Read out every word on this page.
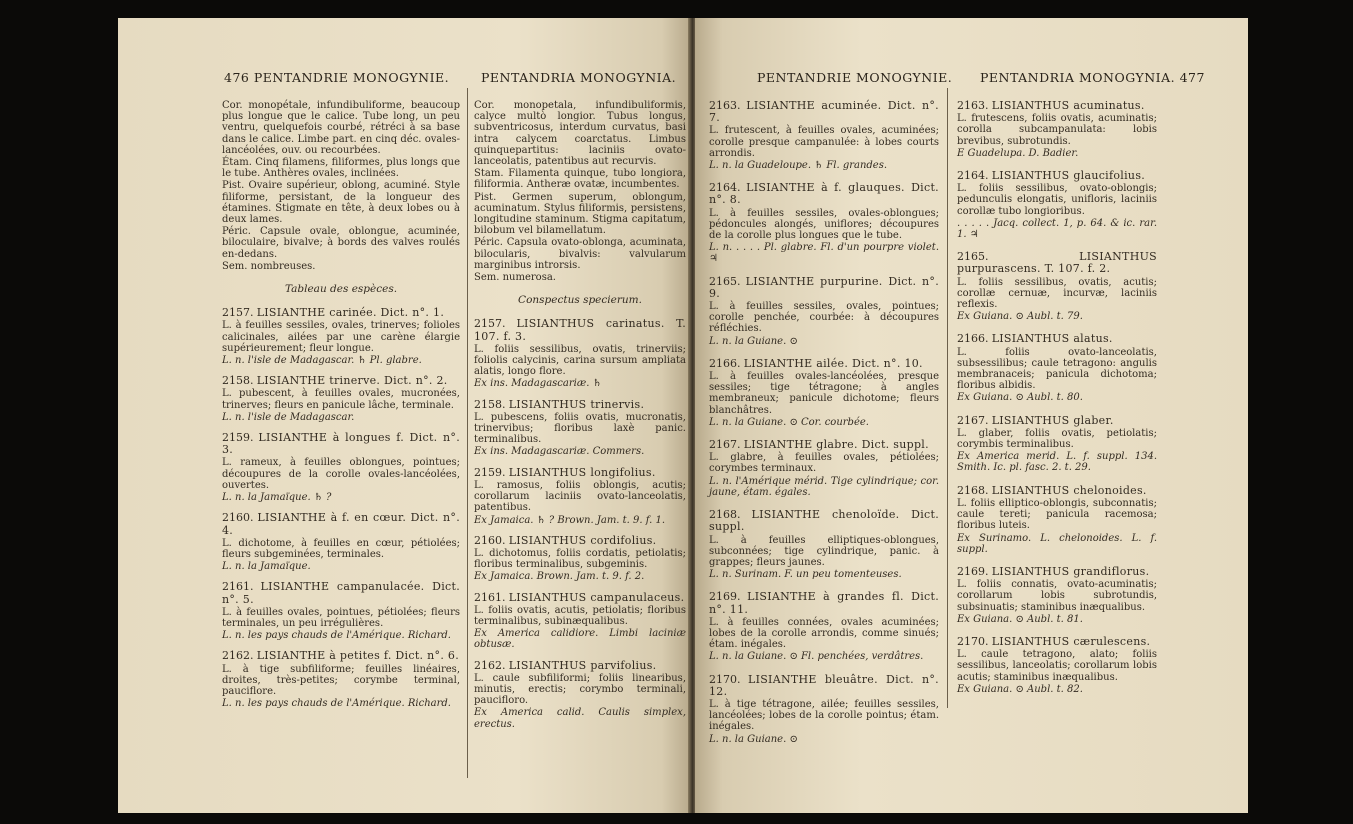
476 PENTANDRIE MONOGYNIE.	PENTANDRIA MONOGYNIA.

Cor. monopétale, infundibuliforme, beaucoup plus longue que le calice. Tube long, un peu ventru, quelquefois courbé, rétréci à sa base dans le calice. Limbe part. en cinq déc. ovales-lancéolées, ouv. ou recourbées.

Étam. Cinq filamens, filiformes, plus longs que le tube. Anthères ovales, inclinées.

Pist. Ovaire supérieur, oblong, acuminé. Style filiforme, persistant, de la longueur des étamines. Stigmate en tête, à deux lobes ou à deux lames.

Péric. Capsule ovale, oblongue, acuminée, biloculaire, bivalve; à bords des valves roulés en-dedans.

Sem. nombreuses.

Tableau des espèces.

2157. LISIANTHE carinée. Dict. n°. 1.

L. à feuilles sessiles, ovales, trinerves; folioles calicinales, ailées par une carène élargie supérieurement; fleur longue.

L. n. l'isle de Madagascar. ♄ Pl. glabre.

2158. LISIANTHE trinerve. Dict. n°. 2.

L. pubescent, à feuilles ovales, mucronées, trinerves; fleurs en panicule lâche, terminale.

L. n. l'isle de Madagascar.

2159. LISIANTHE à longues f. Dict. n°. 3.

L. rameux, à feuilles oblongues, pointues; découpures de la corolle ovales-lancéolées, ouvertes.

L. n. la Jamaïque. ♄ ?

2160. LISIANTHE à f. en cœur. Dict. n°. 4.

L. dichotome, à feuilles en cœur, pétiolées; fleurs subgeminées, terminales.

L. n. la Jamaïque.

2161. LISIANTHE campanulacée. Dict. n°. 5.

L. à feuilles ovales, pointues, pétiolées; fleurs terminales, un peu irrégulières.

L. n. les pays chauds de l'Amérique. Richard.

2162. LISIANTHE à petites f. Dict. n°. 6.

L. à tige subfiliforme; feuilles linéaires, droites, très-petites; corymbe terminal, pauciflore.

L. n. les pays chauds de l'Amérique. Richard.

Cor. monopetala, infundibuliformis, calyce multò longior. Tubus longus, subventricosus, interdum curvatus, basi intra calycem coarctatus. Limbus quinquepartitus: laciniis ovato-lanceolatis, patentibus aut recurvis.

Stam. Filamenta quinque, tubo longiora, filiformia. Antheræ ovatæ, incumbentes.

Pist. Germen superum, oblongum, acuminatum. Stylus filiformis, persistens, longitudine staminum. Stigma capitatum, bilobum vel bilamellatum.

Péric. Capsula ovato-oblonga, acuminata, bilocularis, bivalvis: valvularum marginibus introrsis.

Sem. numerosa.

Conspectus specierum.

2157. LISIANTHUS carinatus. T. 107. f. 3.

L. foliis sessilibus, ovatis, trinerviis; foliolis calycinis, carina sursum ampliata alatis, longo flore.

Ex ins. Madagascariæ. ♄

2158. LISIANTHUS trinervis.

L. pubescens, foliis ovatis, mucronatis, trinervibus; floribus laxè panic. terminalibus.

Ex ins. Madagascariæ. Commers.

2159. LISIANTHUS longifolius.

L. ramosus, foliis oblongis, acutis; corollarum laciniis ovato-lanceolatis, patentibus.

Ex Jamaica. ♄ ? Brown. Jam. t. 9. f. 1.

2160. LISIANTHUS cordifolius.

L. dichotomus, foliis cordatis, petiolatis; floribus terminalibus, subgeminis.

Ex Jamaica. Brown. Jam. t. 9. f. 2.

2161. LISIANTHUS campanulaceus.

L. foliis ovatis, acutis, petiolatis; floribus terminalibus, subinæqualibus.

Ex America calidiore. Limbi laciniæ obtusæ.

2162. LISIANTHUS parvifolius.

L. caule subfiliformi; foliis linearibus, minutis, erectis; corymbo terminali, paucifloro.

Ex America calid. Caulis simplex, erectus.

PENTANDRIE MONOGYNIE. PENTANDRIA MONOGYNIA. 477

2163. LISIANTHE acuminée. Dict. n°. 7.

L. frutescent, à feuilles ovales, acuminées; corolle presque campanulée: à lobes courts arrondis.

L. n. la Guadeloupe. ♄ Fl. grandes.

2164. LISIANTHE à f. glauques. Dict. n°. 8.

L. à feuilles sessiles, ovales-oblongues; pédoncules alongés, uniflores; découpures de la corolle plus longues que le tube.

L. n. . . . . Pl. glabre. Fl. d'un pourpre violet. ♃

2165. LISIANTHE purpurine. Dict. n°. 9.

L. à feuilles sessiles, ovales, pointues; corolle penchée, courbée: à découpures réfléchies.

L. n. la Guiane. ⊙

2166. LISIANTHE ailée. Dict. n°. 10.

L. à feuilles ovales-lancéolées, presque sessiles; tige tétragone; à angles membraneux; panicule dichotome; fleurs blanchâtres.

L. n. la Guiane. ⊙ Cor. courbée.

2167. LISIANTHE glabre. Dict. suppl.

L. glabre, à feuilles ovales, pétiolées; corymbes terminaux.

L. n. l'Amérique mérid. Tige cylindrique; cor. jaune, étam. égales.

2168. LISIANTHE chenoloïde. Dict. suppl.

L. à feuilles elliptiques-oblongues, subconnées; tige cylindrique, panic. à grappes; fleurs jaunes.

L. n. Surinam. F. un peu tomenteuses.

2169. LISIANTHE à grandes fl. Dict. n°. 11.

L. à feuilles connées, ovales acuminées; lobes de la corolle arrondis, comme sinués; étam. inégales.

L. n. la Guiane. ⊙ Fl. penchées, verdâtres.

2170. LISIANTHE bleuâtre. Dict. n°. 12.

L. à tige tétragone, ailée; feuilles sessiles, lancéolées; lobes de la corolle pointus; étam. inégales.

L. n. la Guiane. ⊙

2163. LISIANTHUS acuminatus.

L. frutescens, foliis ovatis, acuminatis; corolla subcampanulata: lobis brevibus, subrotundis.

E Guadelupa. D. Badier.

2164. LISIANTHUS glaucifolius.

L. foliis sessilibus, ovato-oblongis; pedunculis elongatis, unifloris, laciniis corollæ tubo longioribus.

. . . . . Jacq. collect. 1, p. 64. & ic. rar. 1. ♃

2165.	LISIANTHUS purpurascens. T. 107. f. 2.

L. foliis sessilibus, ovatis, acutis; corollæ cernuæ, incurvæ, laciniis reflexis.

Ex Guiana. ⊙ Aubl. t. 79.

2166. LISIANTHUS alatus.

L. foliis ovato-lanceolatis, subsessilibus; caule tetragono: angulis membranaceis; panicula dichotoma; floribus albidis.

Ex Guiana. ⊙ Aubl. t. 80.

2167. LISIANTHUS glaber.

L. glaber, foliis ovatis, petiolatis; corymbis terminalibus.

Ex America merid. L. f. suppl. 134. Smith. Ic. pl. fasc. 2. t. 29.

2168. LISIANTHUS chelonoides.

L. foliis elliptico-oblongis, subconnatis; caule tereti; panicula racemosa; floribus luteis.

Ex Surinamo. L. chelonoides. L. f. suppl.

2169. LISIANTHUS grandiflorus.

L. foliis connatis, ovato-acuminatis; corollarum lobis subrotundis, subsinuatis; staminibus inæqualibus.

Ex Guiana. ⊙ Aubl. t. 81.

2170. LISIANTHUS cærulescens.

L. caule tetragono, alato; foliis sessilibus, lanceolatis; corollarum lobis acutis; staminibus inæqualibus.

Ex Guiana. ⊙ Aubl. t. 82.
